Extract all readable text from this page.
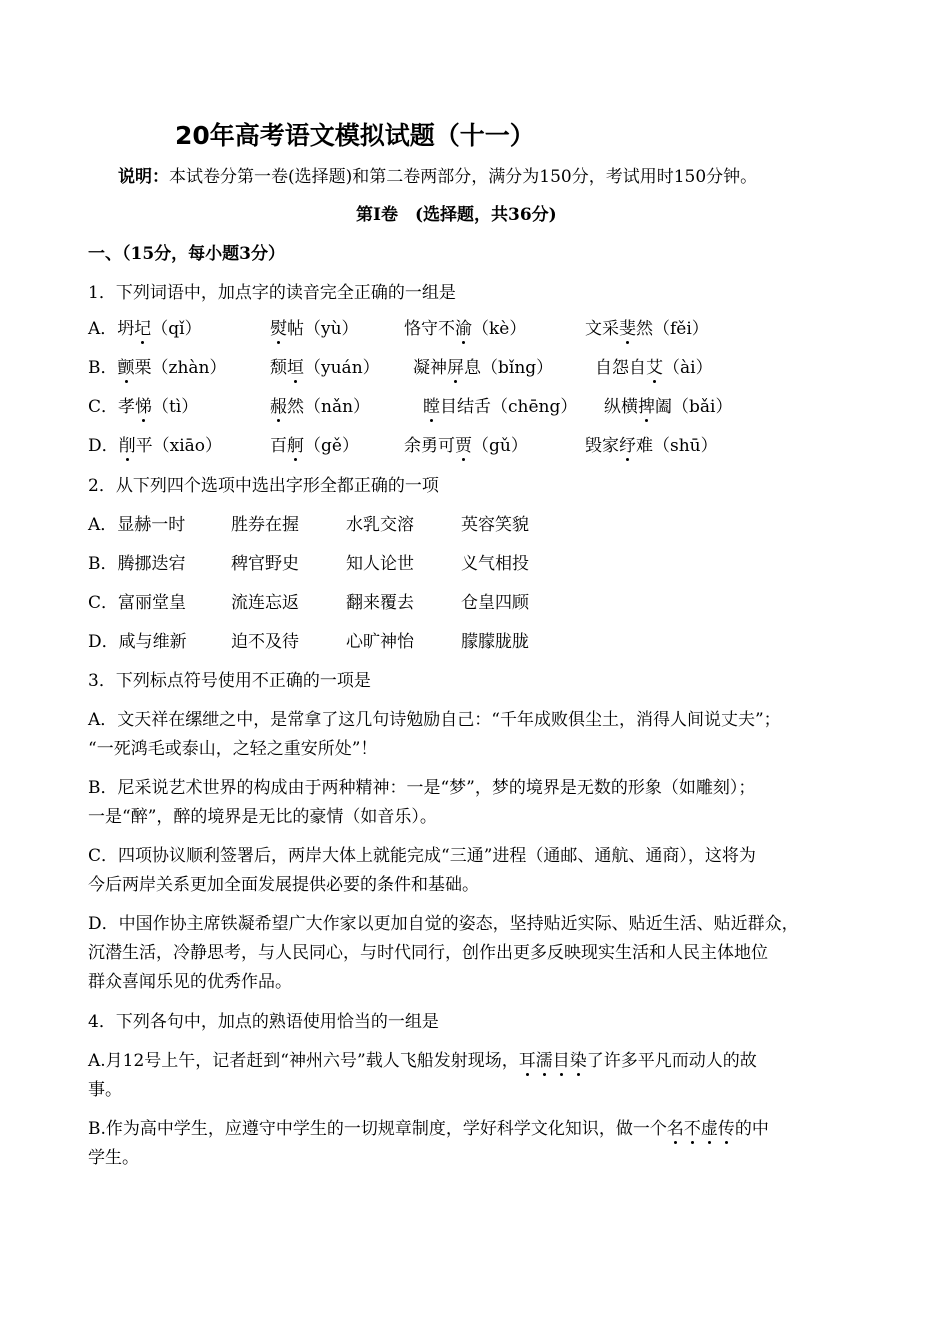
20年高考语文模拟试题（十一）
说明：本试卷分第一卷(选择题)和第二卷两部分，满分为150分，考试用时150分钟。
第Ⅰ卷　(选择题，共36分)
一、（15分，每小题3分）
1．下列词语中，加点字的读音完全正确的一组是
A．坍圮（qǐ）	熨帖（yù）	恪守不渝（kè）	文采斐然（fěi）
B．颤栗（zhàn）	颓垣（yuán） 凝神屏息（bǐng） 自怨自艾（ài）
C．孝悌（tì）	赧然（nǎn）	瞠目结舌（chēng） 纵横捭阖（bǎi）
D．削平（xiāo）	百舸（gě）	余勇可贾（gǔ）	毁家纾难（shū）
2．从下列四个选项中选出字形全都正确的一项
A．显赫一时	胜券在握	水乳交溶	英容笑貌
B．腾挪迭宕	稗官野史	知人论世	义气相投
C．富丽堂皇	流连忘返	翻来覆去	仓皇四顾
D．咸与维新	迫不及待	心旷神怡	朦朦胧胧
3．下列标点符号使用不正确的一项是
A．文天祥在缧绁之中，是常拿了这几句诗勉励自己：“千年成败俱尘土，消得人间说丈夫”；
“一死鸿毛或泰山，之轻之重安所处”！
B．尼采说艺术世界的构成由于两种精神：一是“梦”，梦的境界是无数的形象（如雕刻）；
一是“醉”，醉的境界是无比的豪情（如音乐）。
C．四项协议顺利签署后，两岸大体上就能完成“三通”进程（通邮、通航、通商），这将为
今后两岸关系更加全面发展提供必要的条件和基础。
D．中国作协主席铁凝希望广大作家以更加自觉的姿态，坚持贴近实际、贴近生活、贴近群众，
沉潜生活，冷静思考，与人民同心，与时代同行，创作出更多反映现实生活和人民主体地位
群众喜闻乐见的优秀作品。
4．下列各句中，加点的熟语使用恰当的一组是
A.月12号上午，记者赶到“神州六号”载人飞船发射现场，耳濡目染了许多平凡而动人的故
事。
B.作为高中学生，应遵守中学生的一切规章制度，学好科学文化知识，做一个名不虚传的中
学生。
